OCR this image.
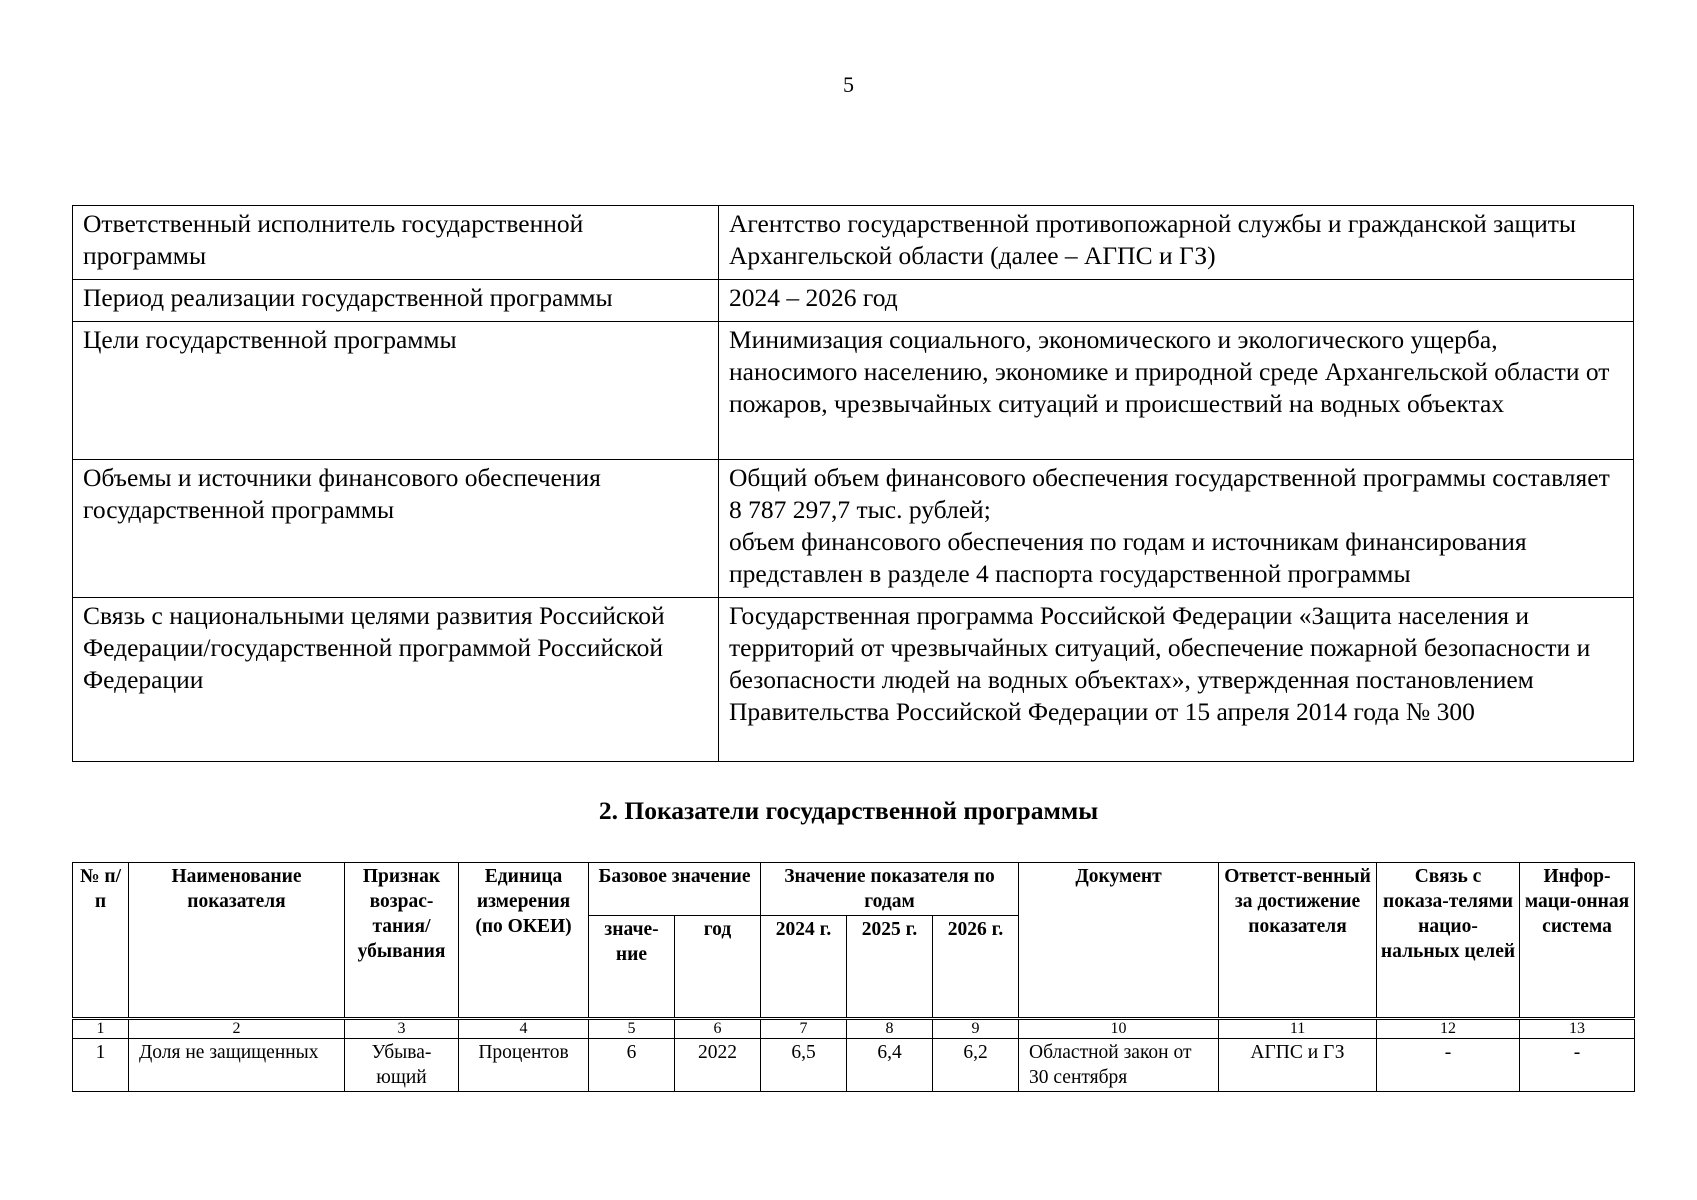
5
Ответственный исполнитель государственной программы	Агентство государственной противопожарной службы и гражданской защиты Архангельской области (далее – АГПС и ГЗ)
Период реализации государственной программы	2024 – 2026 год
Цели государственной программы	Минимизация социального, экономического и экологического ущерба, наносимого населению, экономике и природной среде Архангельской области от пожаров, чрезвычайных ситуаций и происшествий на водных объектах
Объемы и источники финансового обеспечения государственной программы	Общий объем финансового обеспечения государственной программы составляет 8 787 297,7 тыс. рублей;
объем финансового обеспечения по годам и источникам финансирования представлен в разделе 4 паспорта государственной программы

Связь с национальными целями развития Российской Федерации/государственной программой Российской Федерации	Государственная программа Российской Федерации «Защита населения и территорий от чрезвычайных ситуаций, обеспечение пожарной безопасности и безопасности людей на водных объектах», утвержденная постановлением Правительства Российской Федерации от 15 апреля 2014 года № 300
2. Показатели государственной программы
№ п/п	Наименование показателя	Признак возрас-тания/ убывания	Единица измерения (по ОКЕИ)	Базовое значение		Значение показателя по годам			Документ	Ответст-венный за достижение показателя	Связь с показа-телями нацио-нальных целей	Инфор-маци-онная система
				значе-ние	год	2024 г.	2025 г.	2026 г.				
1	2	3	4	5	6	7	8	9	10	11	12	13
1	Доля не защищенных	Убыва-ющий	Процентов	6	2022	6,5	6,4	6,2	Областной закон от 30 сентября	АГПС и ГЗ	-	-
